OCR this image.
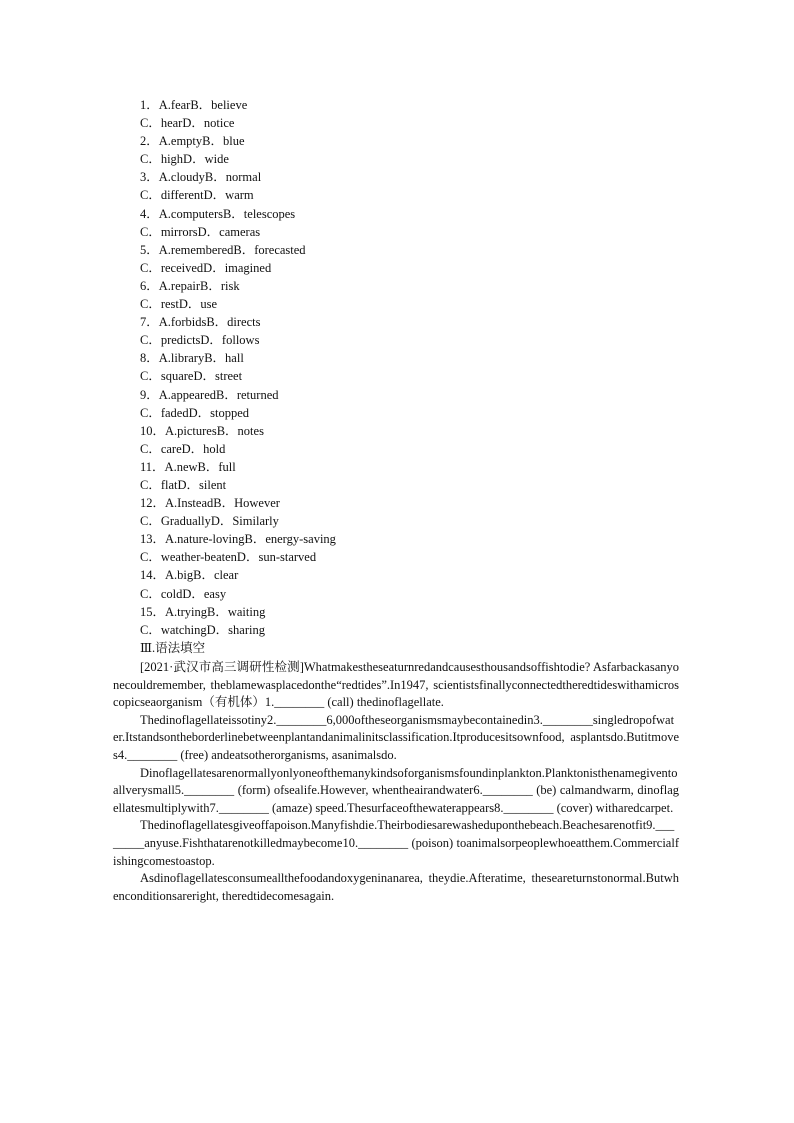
1．A.fearB．believe
C．hearD．notice
2．A.emptyB．blue
C．highD．wide
3．A.cloudyB．normal
C．differentD．warm
4．A.computersB．telescopes
C．mirrorsD．cameras
5．A.rememberedB．forecasted
C．receivedD．imagined
6．A.repairB．risk
C．restD．use
7．A.forbidsB．directs
C．predictsD．follows
8．A.libraryB．hall
C．squareD．street
9．A.appearedB．returned
C．fadedD．stopped
10．A.picturesB．notes
C．careD．hold
11．A.newB．full
C．flatD．silent
12．A.InsteadB．However
C．GraduallyD．Similarly
13．A.nature-lovingB．energy-saving
C．weather-beatenD．sun-starved
14．A.bigB．clear
C．coldD．easy
15．A.tryingB．waiting
C．watchingD．sharing
Ⅲ.语法填空

[2021·武汉市高三调研性检测]Whatmakestheseaturnredandcausesthousandsoffishtodie? Asfarbackasanyonecouldremember, theblamewasplacedonthe“redtides”.In1947, scientistsfinallyconnectedtheredtideswithamicroscopicseaorganism（有机体）1.________ (call) thedinoflagellate.

Thedinoflagellateissotiny2.________6,000oftheseorganismsmaybecontainedin3.________singledropofwater.Itstandsontheborderlinebetweenplantandanimalinitsclassification.Itproducesitsownfood, asplantsdo.Butitmoves4.________ (free) andeatsotherorganisms, asanimalsdo.

Dinoflagellatesarenormallyonlyoneofthemanykindsoforganismsfoundinplankton.Planktonisthenamegiventoallverysmall5.________ (form) ofsealife.However, whentheairandwater6.________ (be) calmandwarm, dinoflagellatesmultiplywith7.________ (amaze) speed.Thesurfaceofthewaterappears8.________ (cover) witharedcarpet.

Thedinoflagellatesgiveoffapoison.Manyfishdie.Theirbodiesarewasheduponthebeach.Beachesarenotfit9.________anyuse.Fishthatarenotkilledmaybecome10.________ (poison) toanimalsorpeoplewhoeatthem.Commercialfishingcomestoastop.

Asdinoflagellatesconsumeallthefoodandoxygeninanarea, theydie.Afteratime, theseareturnstonormal.Butwhenconditionsareright, theredtidecomesagain.
